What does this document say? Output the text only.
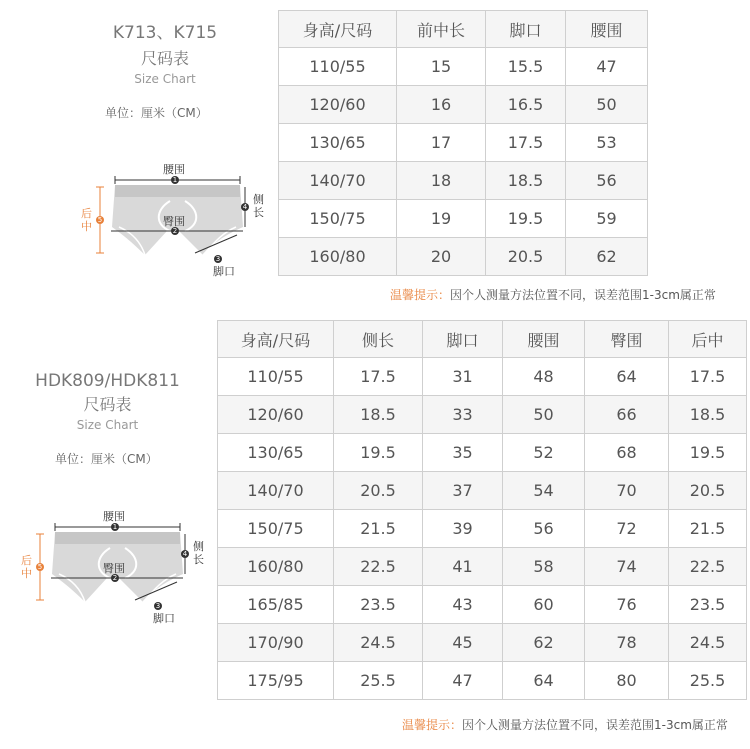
K713、K715
尺码表
Size Chart
单位：厘米（CM）
腰围
臀围
侧长
后中
脚口
1
2
4
5
3
身高/尺码	前中长	脚口	腰围
110/55	15	15.5	47
120/60	16	16.5	50
130/65	17	17.5	53
140/70	18	18.5	56
150/75	19	19.5	59
160/80	20	20.5	62
温馨提示：因个人测量方法位置不同，误差范围1-3cm属正常
HDK809/HDK811
尺码表
Size Chart
单位：厘米（CM）
腰围
臀围
侧长
后中
脚口
1
2
4
5
3
身高/尺码	侧长	脚口	腰围	臀围	后中
110/55	17.5	31	48	64	17.5
120/60	18.5	33	50	66	18.5
130/65	19.5	35	52	68	19.5
140/70	20.5	37	54	70	20.5
150/75	21.5	39	56	72	21.5
160/80	22.5	41	58	74	22.5
165/85	23.5	43	60	76	23.5
170/90	24.5	45	62	78	24.5
175/95	25.5	47	64	80	25.5
温馨提示：因个人测量方法位置不同，误差范围1-3cm属正常
